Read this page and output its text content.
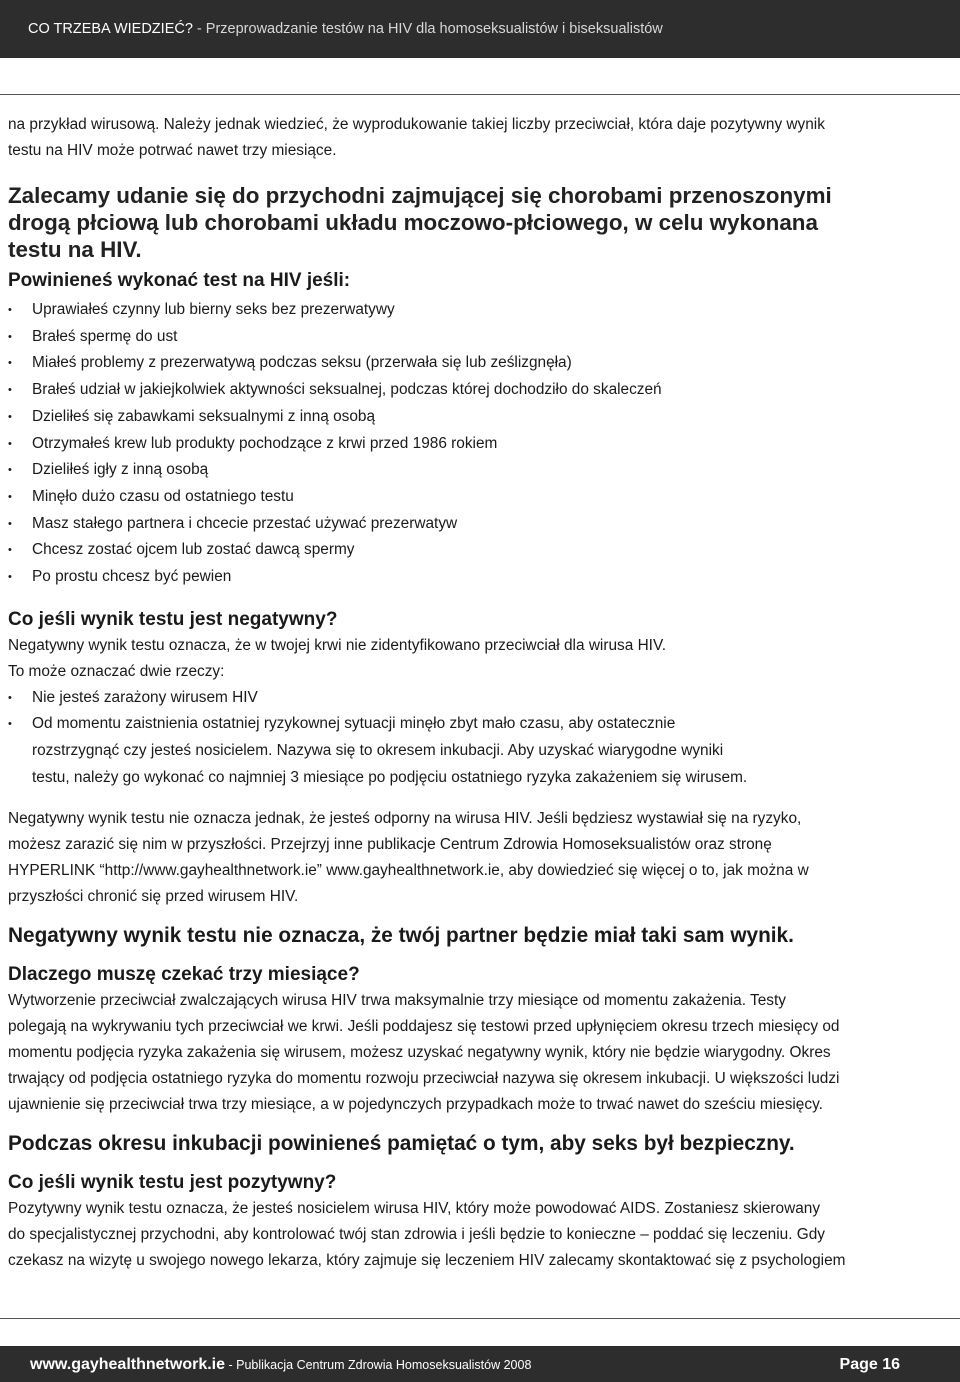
CO TRZEBA WIEDZIEĆ? - Przeprowadzanie testów na HIV dla homoseksualistów i biseksualistów
na przykład wirusową. Należy jednak wiedzieć, że wyprodukowanie takiej liczby przeciwciał, która daje pozytywny wynik
testu na HIV może potrwać nawet trzy miesiące.
Zalecamy udanie się do przychodni zajmującej się chorobami przenoszonymi
drogą płciową lub chorobami układu moczowo-płciowego, w celu wykonana
testu na HIV.
Powinieneś wykonać test na HIV jeśli:
• Uprawiałeś czynny lub bierny seks bez prezerwatywy
• Brałeś spermę do ust
• Miałeś problemy z prezerwatywą podczas seksu (przerwała się lub ześlizgnęła)
• Brałeś udział w jakiejkolwiek aktywności seksualnej, podczas której dochodziło do skaleczeń
• Dzieliłeś się zabawkami seksualnymi z inną osobą
• Otrzymałeś krew lub produkty pochodzące z krwi przed 1986 rokiem
• Dzieliłeś igły z inną osobą
• Minęło dużo czasu od ostatniego testu
• Masz stałego partnera i chcecie przestać używać prezerwatyw
• Chcesz zostać ojcem lub zostać dawcą spermy
• Po prostu chcesz być pewien
Co jeśli wynik testu jest negatywny?
Negatywny wynik testu oznacza, że w twojej krwi nie zidentyfikowano przeciwciał dla wirusa HIV.
To może oznaczać dwie rzeczy:
• Nie jesteś zarażony wirusem HIV
• Od momentu zaistnienia ostatniej ryzykownej sytuacji minęło zbyt mało czasu, aby ostatecznie
rozstrzygnąć czy jesteś nosicielem. Nazywa się to okresem inkubacji. Aby uzyskać wiarygodne wyniki
testu, należy go wykonać co najmniej 3 miesiące po podjęciu ostatniego ryzyka zakażeniem się wirusem.
Negatywny wynik testu nie oznacza jednak, że jesteś odporny na wirusa HIV. Jeśli będziesz wystawiał się na ryzyko,
możesz zarazić się nim w przyszłości. Przejrzyj inne publikacje Centrum Zdrowia Homoseksualistów oraz stronę
HYPERLINK “http://www.gayhealthnetwork.ie” www.gayhealthnetwork.ie, aby dowiedzieć się więcej o to, jak można w
przyszłości chronić się przed wirusem HIV.
Negatywny wynik testu nie oznacza, że twój partner będzie miał taki sam wynik.
Dlaczego muszę czekać trzy miesiące?
Wytworzenie przeciwciał zwalczających wirusa HIV trwa maksymalnie trzy miesiące od momentu zakażenia. Testy
polegają na wykrywaniu tych przeciwciał we krwi. Jeśli poddajesz się testowi przed upłynięciem okresu trzech miesięcy od
momentu podjęcia ryzyka zakażenia się wirusem, możesz uzyskać negatywny wynik, który nie będzie wiarygodny. Okres
trwający od podjęcia ostatniego ryzyka do momentu rozwoju przeciwciał nazywa się okresem inkubacji. U większości ludzi
ujawnienie się przeciwciał trwa trzy miesiące, a w pojedynczych przypadkach może to trwać nawet do sześciu miesięcy.
Podczas okresu inkubacji powinieneś pamiętać o tym, aby seks był bezpieczny.
Co jeśli wynik testu jest pozytywny?
Pozytywny wynik testu oznacza, że jesteś nosicielem wirusa HIV, który może powodować AIDS. Zostaniesz skierowany
do specjalistycznej przychodni, aby kontrolować twój stan zdrowia i jeśli będzie to konieczne – poddać się leczeniu. Gdy
czekasz na wizytę u swojego nowego lekarza, który zajmuje się leczeniem HIV zalecamy skontaktować się z psychologiem
www.gayhealthnetwork.ie - Publikacja Centrum Zdrowia Homoseksualistów 2008	Page 16
